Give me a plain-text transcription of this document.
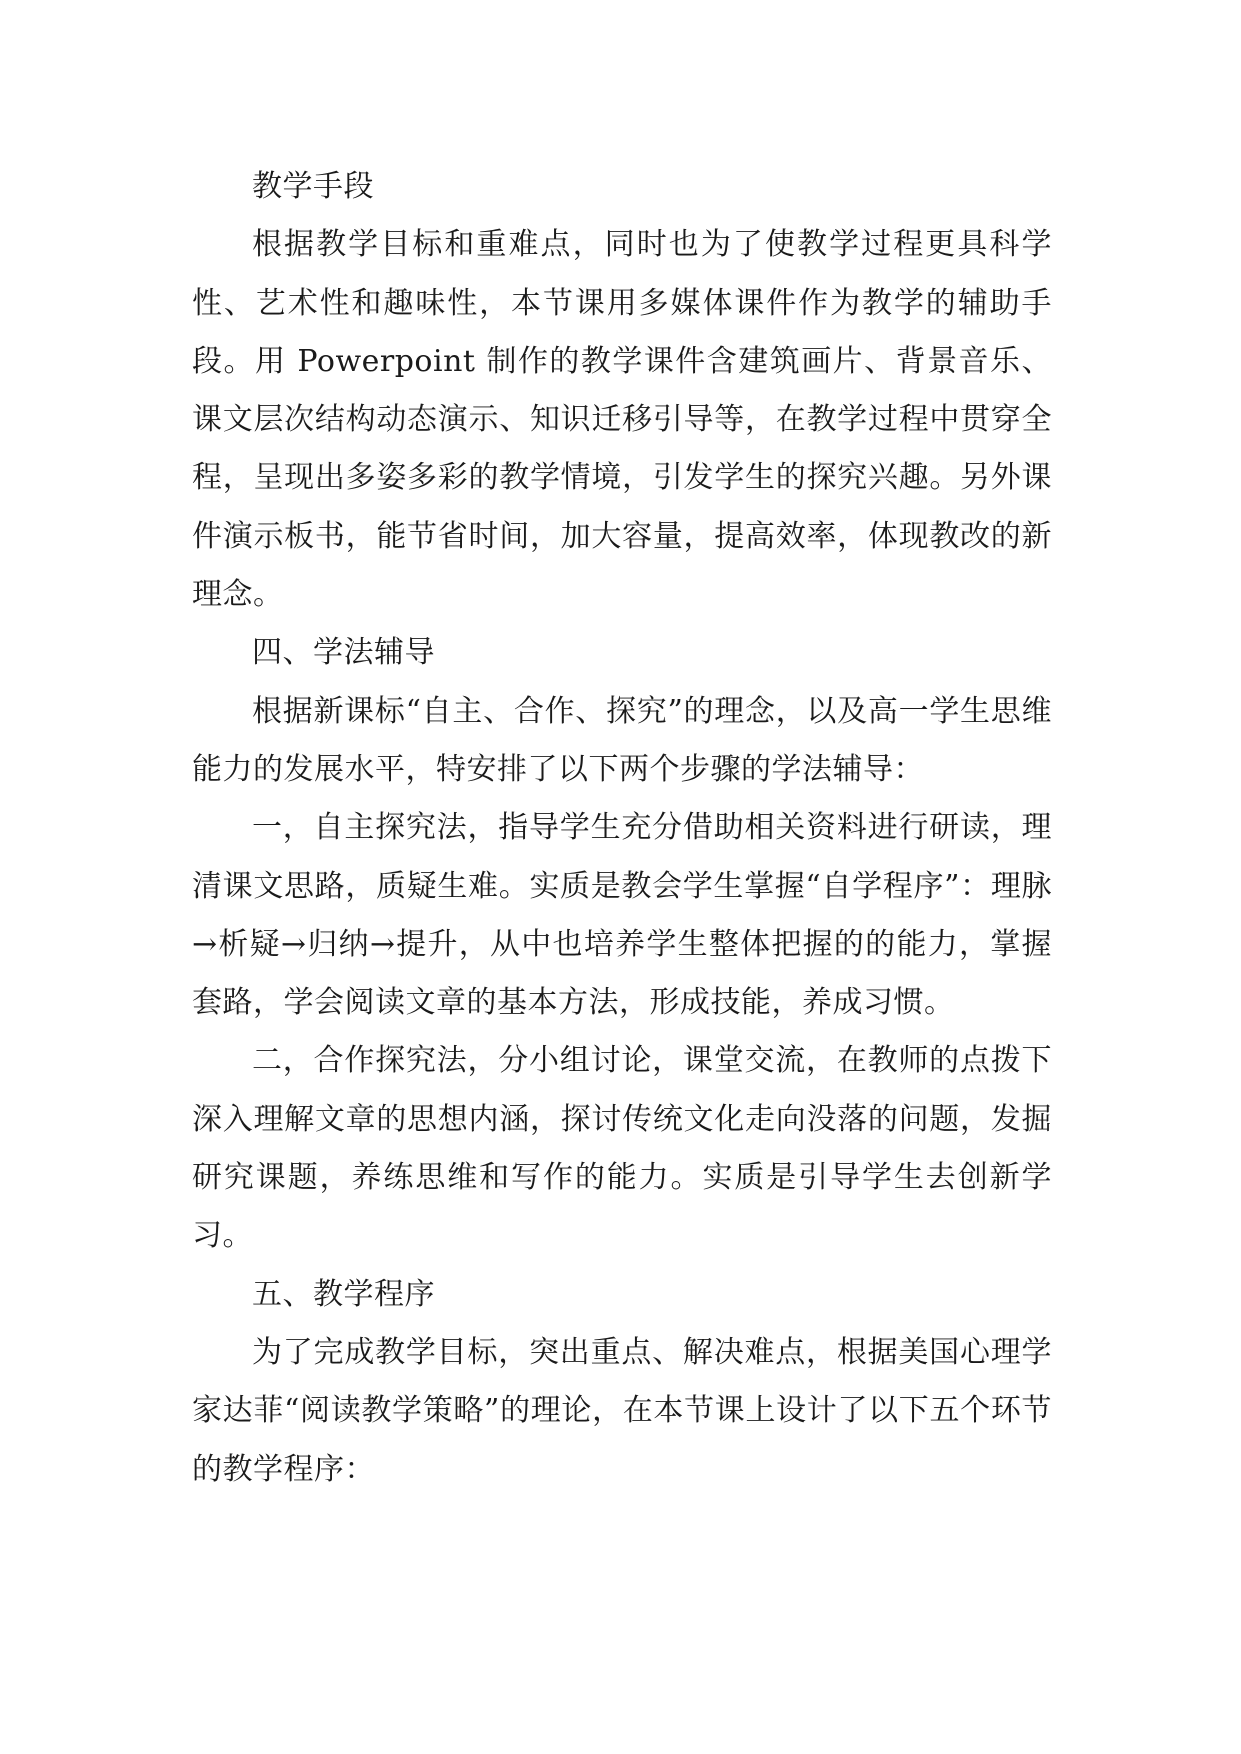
教学手段

根据教学目标和重难点，同时也为了使教学过程更具科学性、艺术性和趣味性，本节课用多媒体课件作为教学的辅助手段。用 Powerpoint 制作的教学课件含建筑画片、背景音乐、课文层次结构动态演示、知识迁移引导等，在教学过程中贯穿全程，呈现出多姿多彩的教学情境，引发学生的探究兴趣。另外课件演示板书，能节省时间，加大容量，提高效率，体现教改的新理念。

四、学法辅导

根据新课标“自主、合作、探究”的理念，以及高一学生思维能力的发展水平，特安排了以下两个步骤的学法辅导：

一，自主探究法，指导学生充分借助相关资料进行研读，理清课文思路，质疑生难。实质是教会学生掌握“自学程序”：理脉→析疑→归纳→提升，从中也培养学生整体把握的的能力，掌握套路，学会阅读文章的基本方法，形成技能，养成习惯。

二，合作探究法，分小组讨论，课堂交流，在教师的点拨下深入理解文章的思想内涵，探讨传统文化走向没落的问题，发掘研究课题，养练思维和写作的能力。实质是引导学生去创新学习。

五、教学程序

为了完成教学目标，突出重点、解决难点，根据美国心理学家达菲“阅读教学策略”的理论，在本节课上设计了以下五个环节的教学程序：
